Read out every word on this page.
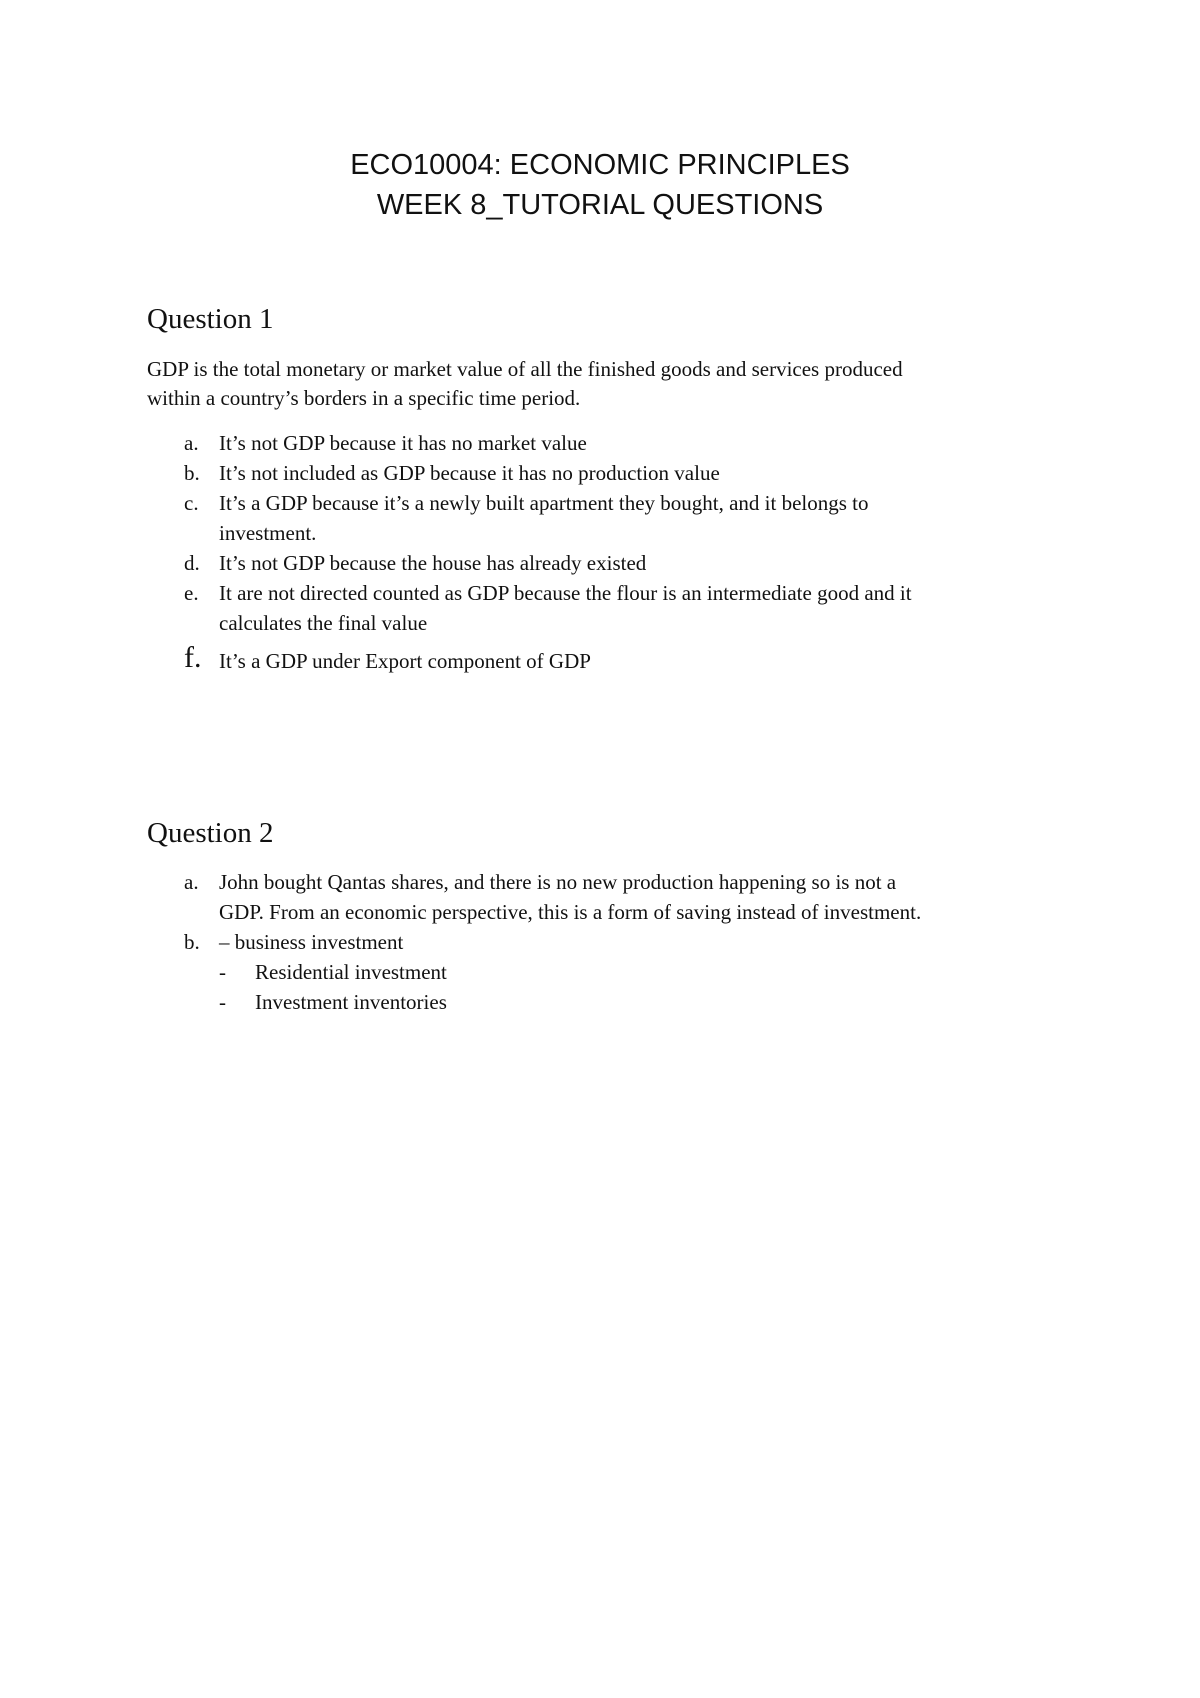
ECO10004: ECONOMIC PRINCIPLES
WEEK 8_TUTORIAL QUESTIONS
Question 1

GDP is the total monetary or market value of all the finished goods and services produced
within a country’s borders in a specific time period.

a. It’s not GDP because it has no market value
b. It’s not included as GDP because it has no production value
c. It’s a GDP because it’s a newly built apartment they bought, and it belongs to
investment.
d. It’s not GDP because the house has already existed
e. It are not directed counted as GDP because the flour is an intermediate good and it
calculates the final value
f. It’s a GDP under Export component of GDP
Question 2
a. John bought Qantas shares, and there is no new production happening so is not a
GDP. From an economic perspective, this is a form of saving instead of investment.
b. – business investment
- Residential investment
- Investment inventories
